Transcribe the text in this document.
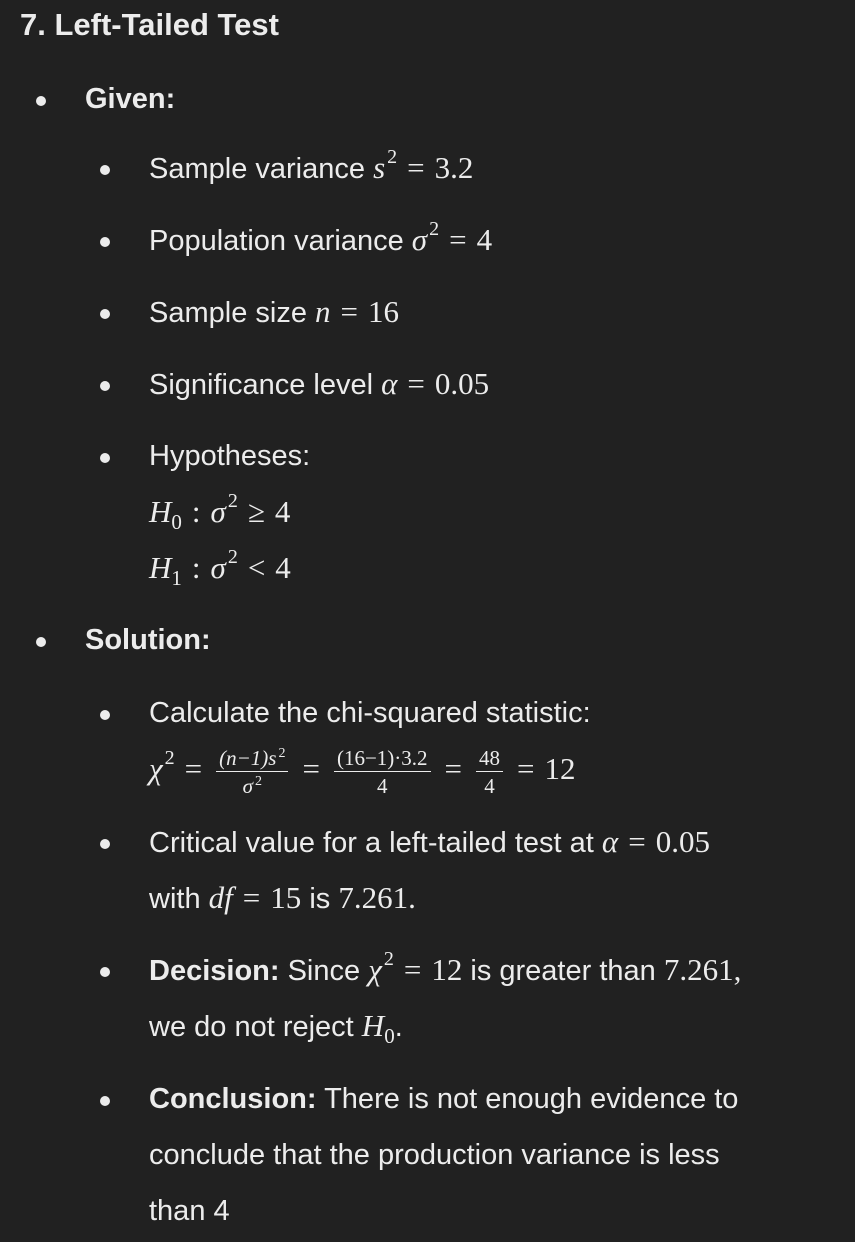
7. Left-Tailed Test
Given:
Sample variance s $^2$ = 3.2
Population variance σ $^2$ = 4
Sample size n = 16
Significance level α = 0.05
Hypotheses:
$H_0$ : σ $^2$ ≥ 4
$H_1$ : σ $^2$ < 4
Solution:
Calculate the chi-squared statistic:
χ $^2 = \frac{(n-1)s ^2}{\sigma ^2} = \frac{(16-1)\cdot 3.2}{4} = \frac{48}{4} = 12$
Critical value for a left-tailed test at α = 0.05
with df = 15 is 7.261.
Decision: Since χ $^2$ = 12 is greater than 7.261,
we do not reject $H_0$.
Conclusion: There is not enough evidence to
conclude that the production variance is less
than 4
